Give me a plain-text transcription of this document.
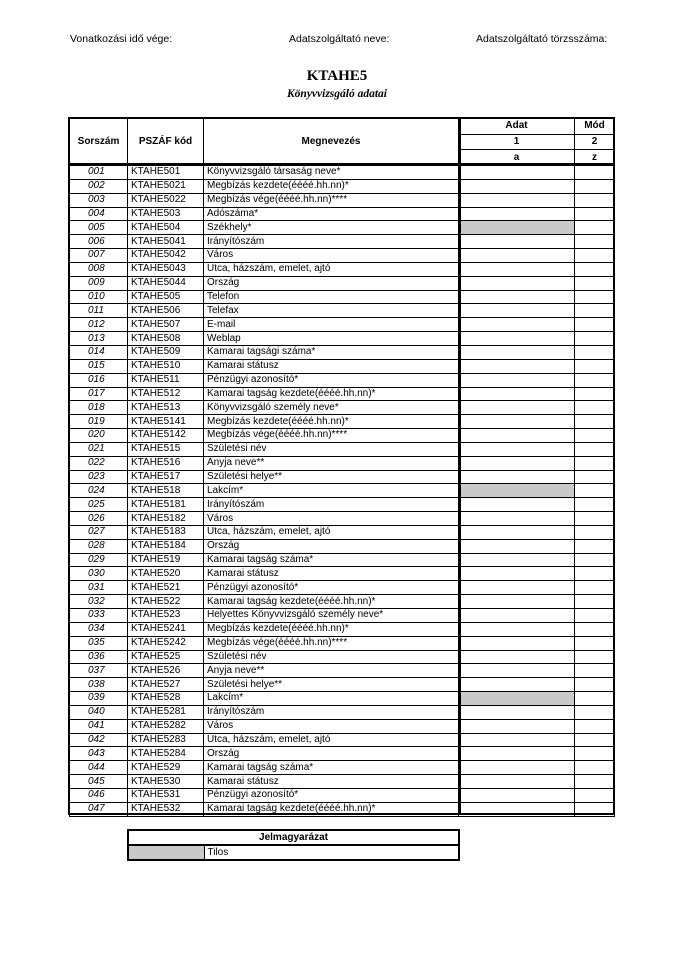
Vonatkozási idő vége:	Adatszolgáltató neve:	Adatszolgáltató törzsszáma:
KTAHE5
Könyvvizsgáló adatai
Sorszám	PSZÁF kód	Megnevezés	Adat	Mód
			1	2
			a	z
001	KTAHE501	Könyvvizsgáló társaság neve*		
002	KTAHE5021	Megbízás kezdete(éééé.hh.nn)*		
003	KTAHE5022	Megbízás vége(éééé.hh.nn)****		
004	KTAHE503	Adószáma*		
005	KTAHE504	Székhely*		
006	KTAHE5041	Irányítószám		
007	KTAHE5042	Város		
008	KTAHE5043	Utca, házszám, emelet, ajtó		
009	KTAHE5044	Ország		
010	KTAHE505	Telefon		
011	KTAHE506	Telefax		
012	KTAHE507	E-mail		
013	KTAHE508	Weblap		
014	KTAHE509	Kamarai tagsági száma*		
015	KTAHE510	Kamarai státusz		
016	KTAHE511	Pénzügyi azonosító*		
017	KTAHE512	Kamarai tagság kezdete(éééé.hh.nn)*		
018	KTAHE513	Könyvvizsgáló személy neve*		
019	KTAHE5141	Megbízás kezdete(éééé.hh.nn)*		
020	KTAHE5142	Megbízás vége(éééé.hh.nn)****		
021	KTAHE515	Születési név		
022	KTAHE516	Anyja neve**		
023	KTAHE517	Születési helye**		
024	KTAHE518	Lakcím*		
025	KTAHE5181	Irányítószám		
026	KTAHE5182	Város		
027	KTAHE5183	Utca, házszám, emelet, ajtó		
028	KTAHE5184	Ország		
029	KTAHE519	Kamarai tagság száma*		
030	KTAHE520	Kamarai státusz		
031	KTAHE521	Pénzügyi azonosító*		
032	KTAHE522	Kamarai tagság kezdete(éééé.hh.nn)*		
033	KTAHE523	Helyettes Könyvvizsgáló személy neve*		
034	KTAHE5241	Megbízás kezdete(éééé.hh.nn)*		
035	KTAHE5242	Megbízás vége(éééé.hh.nn)****		
036	KTAHE525	Születési név		
037	KTAHE526	Anyja neve**		
038	KTAHE527	Születési helye**		
039	KTAHE528	Lakcím*		
040	KTAHE5281	Irányítószám		
041	KTAHE5282	Város		
042	KTAHE5283	Utca, házszám, emelet, ajtó		
043	KTAHE5284	Ország		
044	KTAHE529	Kamarai tagság száma*		
045	KTAHE530	Kamarai státusz		
046	KTAHE531	Pénzügyi azonosító*		
047	KTAHE532	Kamarai tagság kezdete(éééé.hh.nn)*		
Jelmagyarázat
	Tilos
